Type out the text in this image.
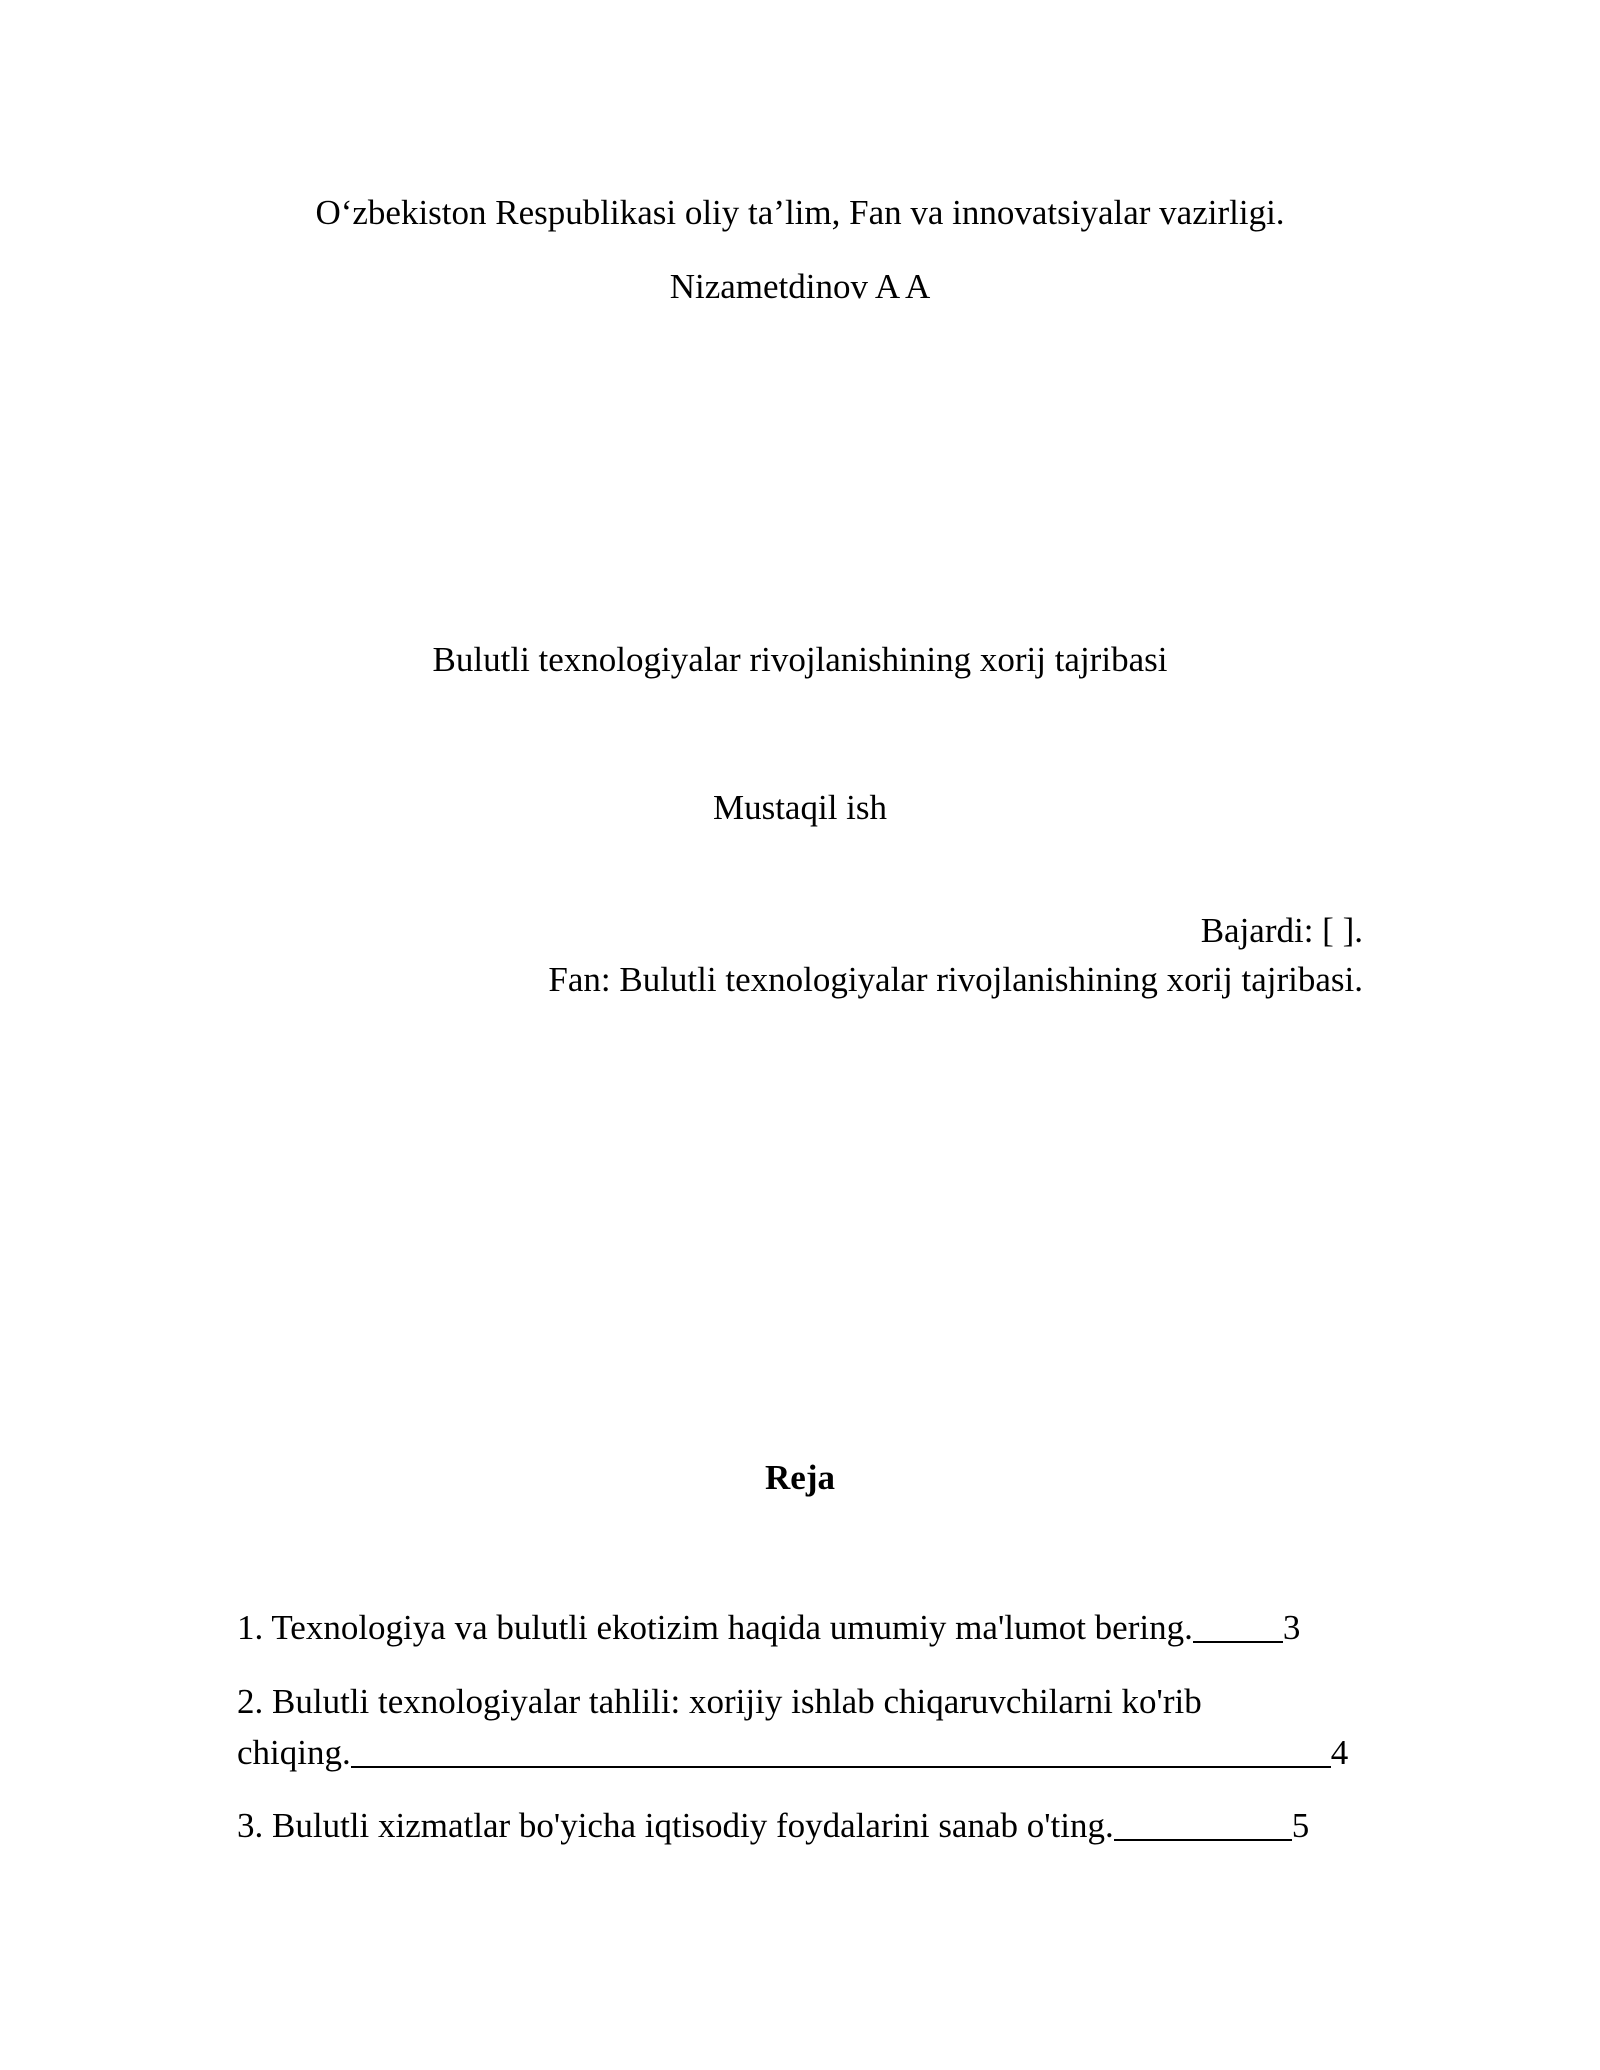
O‘zbekiston Respublikasi oliy ta’lim, Fan va innovatsiyalar vazirligi.
Nizametdinov A A
Bulutli texnologiyalar rivojlanishining xorij tajribasi
Mustaqil ish
Bajardi: [ ].
Fan: Bulutli texnologiyalar rivojlanishining xorij tajribasi.
Reja
1. Texnologiya va bulutli ekotizim haqida umumiy ma'lumot bering.	3
2. Bulutli texnologiyalar tahlili: xorijiy ishlab chiqaruvchilarni ko'rib
chiqing.	4
3. Bulutli xizmatlar bo'yicha iqtisodiy foydalarini sanab o'ting.	5
